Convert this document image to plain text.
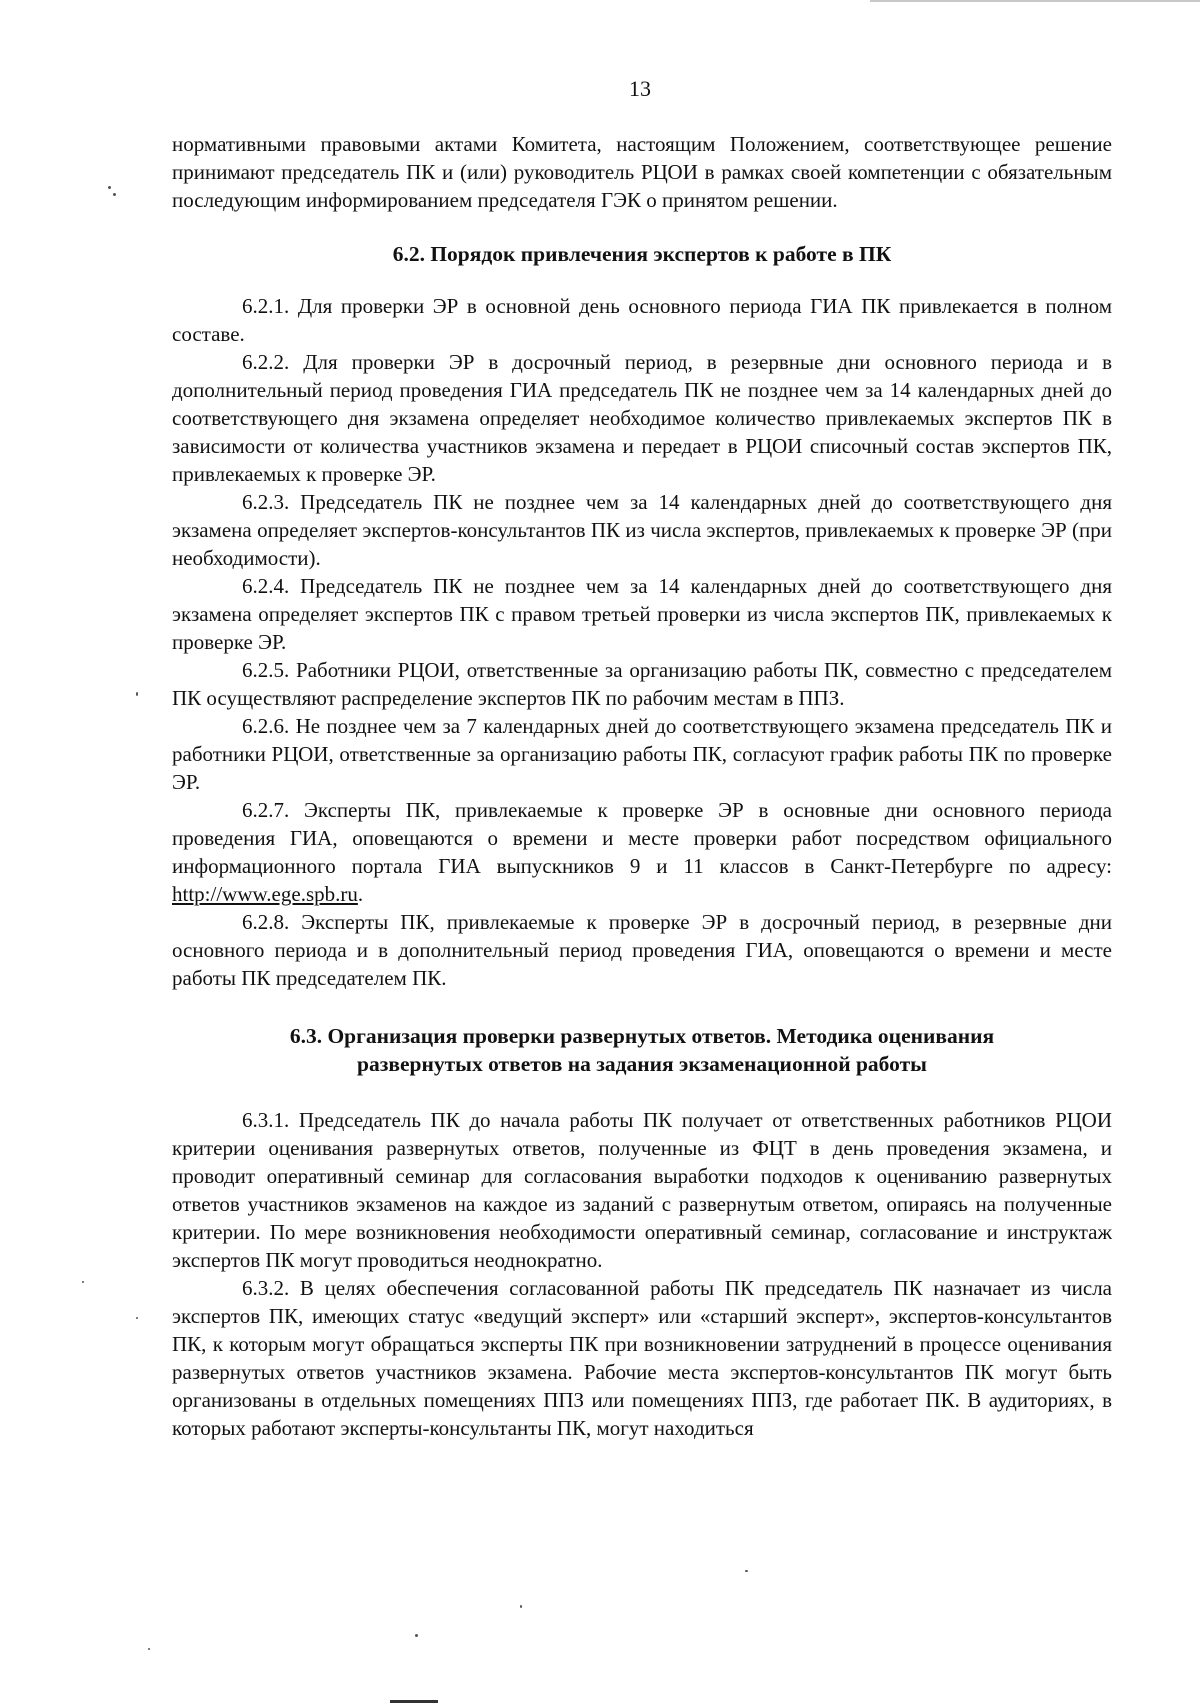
13

нормативными правовыми актами Комитета, настоящим Положением, соответствующее решение принимают председатель ПК и (или) руководитель РЦОИ в рамках своей компетенции с обязательным последующим информированием председателя ГЭК о принятом решении.

6.2. Порядок привлечения экспертов к работе в ПК

6.2.1. Для проверки ЭР в основной день основного периода ГИА ПК привлекается в полном составе.

6.2.2. Для проверки ЭР в досрочный период, в резервные дни основного периода и в дополнительный период проведения ГИА председатель ПК не позднее чем за 14 календарных дней до соответствующего дня экзамена определяет необходимое количество привлекаемых экспертов ПК в зависимости от количества участников экзамена и передает в РЦОИ списочный состав экспертов ПК, привлекаемых к проверке ЭР.

6.2.3. Председатель ПК не позднее чем за 14 календарных дней до соответствующего дня экзамена определяет экспертов-консультантов ПК из числа экспертов, привлекаемых к проверке ЭР (при необходимости).

6.2.4. Председатель ПК не позднее чем за 14 календарных дней до соответствующего дня экзамена определяет экспертов ПК с правом третьей проверки из числа экспертов ПК, привлекаемых к проверке ЭР.

6.2.5. Работники РЦОИ, ответственные за организацию работы ПК, совместно с председателем ПК осуществляют распределение экспертов ПК по рабочим местам в ППЗ.

6.2.6. Не позднее чем за 7 календарных дней до соответствующего экзамена председатель ПК и работники РЦОИ, ответственные за организацию работы ПК, согласуют график работы ПК по проверке ЭР.

6.2.7. Эксперты ПК, привлекаемые к проверке ЭР в основные дни основного периода проведения ГИА, оповещаются о времени и месте проверки работ посредством официального информационного портала ГИА выпускников 9 и 11 классов в Санкт-Петербурге по адресу: http://www.ege.spb.ru.

6.2.8. Эксперты ПК, привлекаемые к проверке ЭР в досрочный период, в резервные дни основного периода и в дополнительный период проведения ГИА, оповещаются о времени и месте работы ПК председателем ПК.

6.3. Организация проверки развернутых ответов. Методика оценивания
развернутых ответов на задания экзаменационной работы

6.3.1. Председатель ПК до начала работы ПК получает от ответственных работников РЦОИ критерии оценивания развернутых ответов, полученные из ФЦТ в день проведения экзамена, и проводит оперативный семинар для согласования выработки подходов к оцениванию развернутых ответов участников экзаменов на каждое из заданий с развернутым ответом, опираясь на полученные критерии. По мере возникновения необходимости оперативный семинар, согласование и инструктаж экспертов ПК могут проводиться неоднократно.

6.3.2. В целях обеспечения согласованной работы ПК председатель ПК назначает из числа экспертов ПК, имеющих статус «ведущий эксперт» или «старший эксперт», экспертов-консультантов ПК, к которым могут обращаться эксперты ПК при возникновении затруднений в процессе оценивания развернутых ответов участников экзамена. Рабочие места экспертов-консультантов ПК могут быть организованы в отдельных помещениях ППЗ или помещениях ППЗ, где работает ПК. В аудиториях, в которых работают эксперты-консультанты ПК, могут находиться
